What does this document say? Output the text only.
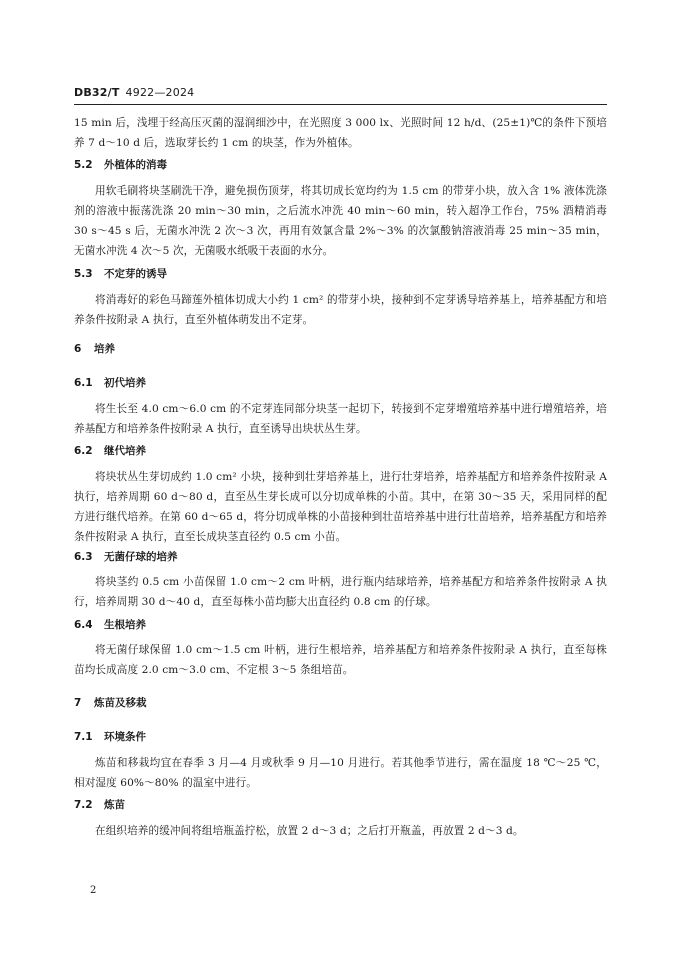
DB32/T 4922—2024
15 min 后，浅埋于经高压灭菌的湿润细沙中，在光照度 3 000 lx、光照时间 12 h/d、(25±1)℃的条件下预培养 7 d～10 d 后，选取芽长约 1 cm 的块茎，作为外植体。
5.2 外植体的消毒
用软毛刷将块茎刷洗干净，避免损伤顶芽，将其切成长宽均约为 1.5 cm 的带芽小块，放入含 1% 液体洗涤剂的溶液中振荡洗涤 20 min～30 min，之后流水冲洗 40 min～60 min，转入超净工作台，75% 酒精消毒 30 s～45 s 后，无菌水冲洗 2 次～3 次，再用有效氯含量 2%～3% 的次氯酸钠溶液消毒 25 min～35 min，无菌水冲洗 4 次～5 次，无菌吸水纸吸干表面的水分。
5.3 不定芽的诱导
将消毒好的彩色马蹄莲外植体切成大小约 1 cm² 的带芽小块，接种到不定芽诱导培养基上，培养基配方和培养条件按附录 A 执行，直至外植体萌发出不定芽。
6 培养
6.1 初代培养
将生长至 4.0 cm～6.0 cm 的不定芽连同部分块茎一起切下，转接到不定芽增殖培养基中进行增殖培养，培养基配方和培养条件按附录 A 执行，直至诱导出块状丛生芽。
6.2 继代培养
将块状丛生芽切成约 1.0 cm² 小块，接种到壮芽培养基上，进行壮芽培养，培养基配方和培养条件按附录 A 执行，培养周期 60 d～80 d，直至丛生芽长成可以分切成单株的小苗。其中，在第 30～35 天，采用同样的配方进行继代培养。在第 60 d～65 d，将分切成单株的小苗接种到壮苗培养基中进行壮苗培养，培养基配方和培养条件按附录 A 执行，直至长成块茎直径约 0.5 cm 小苗。
6.3 无菌仔球的培养
将块茎约 0.5 cm 小苗保留 1.0 cm～2 cm 叶柄，进行瓶内结球培养，培养基配方和培养条件按附录 A 执行，培养周期 30 d～40 d，直至每株小苗均膨大出直径约 0.8 cm 的仔球。
6.4 生根培养
将无菌仔球保留 1.0 cm～1.5 cm 叶柄，进行生根培养，培养基配方和培养条件按附录 A 执行，直至每株苗均长成高度 2.0 cm～3.0 cm、不定根 3～5 条组培苗。
7 炼苗及移栽
7.1 环境条件
炼苗和移栽均宜在春季 3 月—4 月或秋季 9 月—10 月进行。若其他季节进行，需在温度 18 ℃～25 ℃，相对湿度 60%～80% 的温室中进行。
7.2 炼苗
在组织培养的缓冲间将组培瓶盖拧松，放置 2 d～3 d；之后打开瓶盖，再放置 2 d～3 d。
2
